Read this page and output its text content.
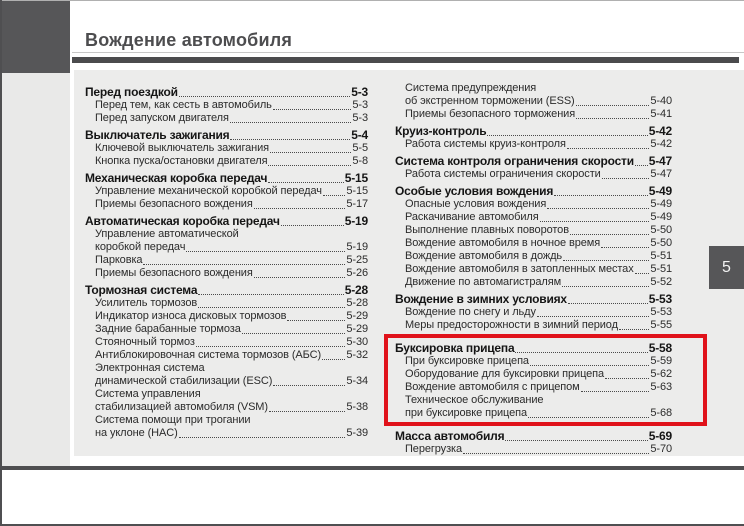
Вождение автомобиля
Перед поездкой	5-3
Перед тем, как сесть в автомобиль	5-3
Перед запуском двигателя	5-3
Выключатель зажигания	5-4
Ключевой выключатель зажигания	5-5
Кнопка пуска/остановки двигателя	5-8
Механическая коробка передач	5-15
Управление механической коробкой передач 5-15
Приемы безопасного вождения	5-17
Автоматическая коробка передач	5-19
Управление автоматической
коробкой передач	5-19
Парковка	5-25
Приемы безопасного вождения	5-26
Тормозная система	5-28
Усилитель тормозов	5-28
Индикатор износа дисковых тормозов	5-29
Задние барабанные тормоза	5-29
Стояночный тормоз	5-30
Антиблокировочная система тормозов (АБС) 5-32
Электронная система
динамической стабилизации (ESC)	5-34
Система управления
стабилизацией автомобиля (VSM)	5-38
Система помощи при трогании
на уклоне (HAC)	5-39
Система предупреждения
об экстренном торможении (ESS)	5-40
Приемы безопасного торможения	5-41
Круиз-контроль	5-42
Работа системы круиз-контроля	5-42
Система контроля ограничения скорости 5-47
Работа системы ограничения скорости	5-47
Особые условия вождения	5-49
Опасные условия вождения	5-49
Раскачивание автомобиля	5-49
Выполнение плавных поворотов	5-50
Вождение автомобиля в ночное время	5-50
Вождение автомобиля в дождь	5-51
Вождение автомобиля в затопленных местах 5-51
Движение по автомагистралям	5-52
Вождение в зимних условиях	5-53
Вождение по снегу и льду	5-53
Меры предосторожности в зимний период	5-55
Буксировка прицепа	5-58
При буксировке прицепа	5-59
Оборудование для буксировки прицепа	5-62
Вождение автомобиля с прицепом	5-63
Техническое обслуживание
при буксировке прицепа	5-68
Масса автомобиля	5-69
Перегрузка	5-70
5
